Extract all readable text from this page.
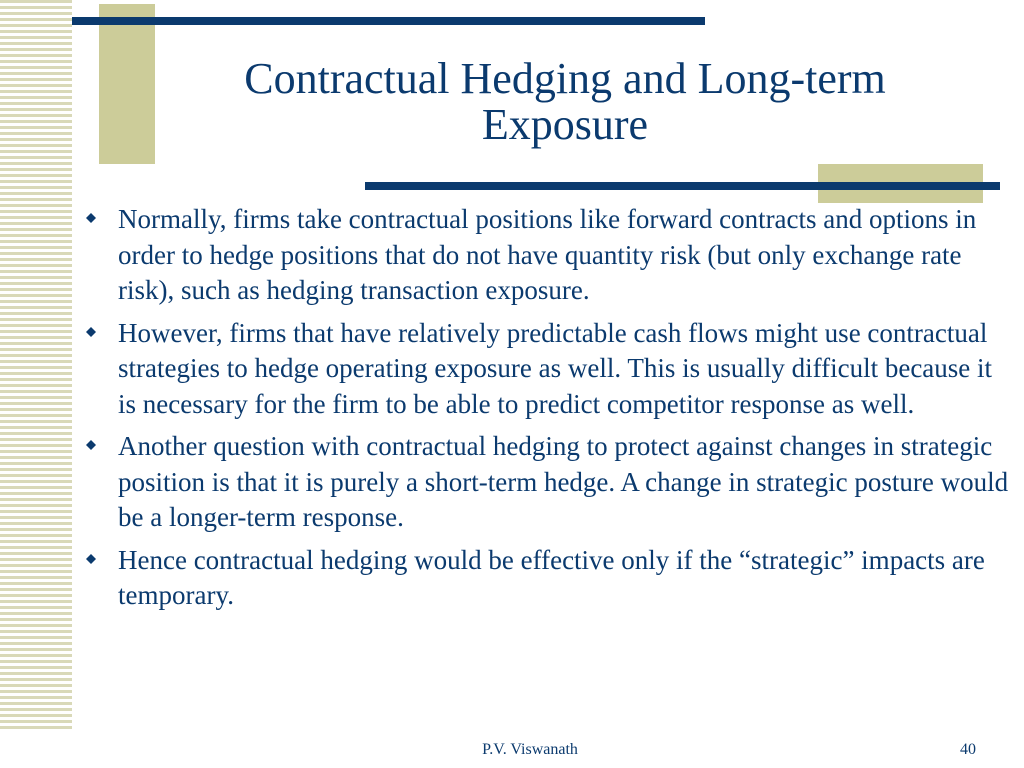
Contractual Hedging and Long-term Exposure
Normally, firms take contractual positions like forward contracts and options in order to hedge positions that do not have quantity risk (but only exchange rate risk), such as hedging transaction exposure.
However, firms that have relatively predictable cash flows might use contractual strategies to hedge operating exposure as well. This is usually difficult because it is necessary for the firm to be able to predict competitor response as well.
Another question with contractual hedging to protect against changes in strategic position is that it is purely a short-term hedge. A change in strategic posture would be a longer-term response.
Hence contractual hedging would be effective only if the “strategic” impacts are temporary.
P.V. Viswanath	40
